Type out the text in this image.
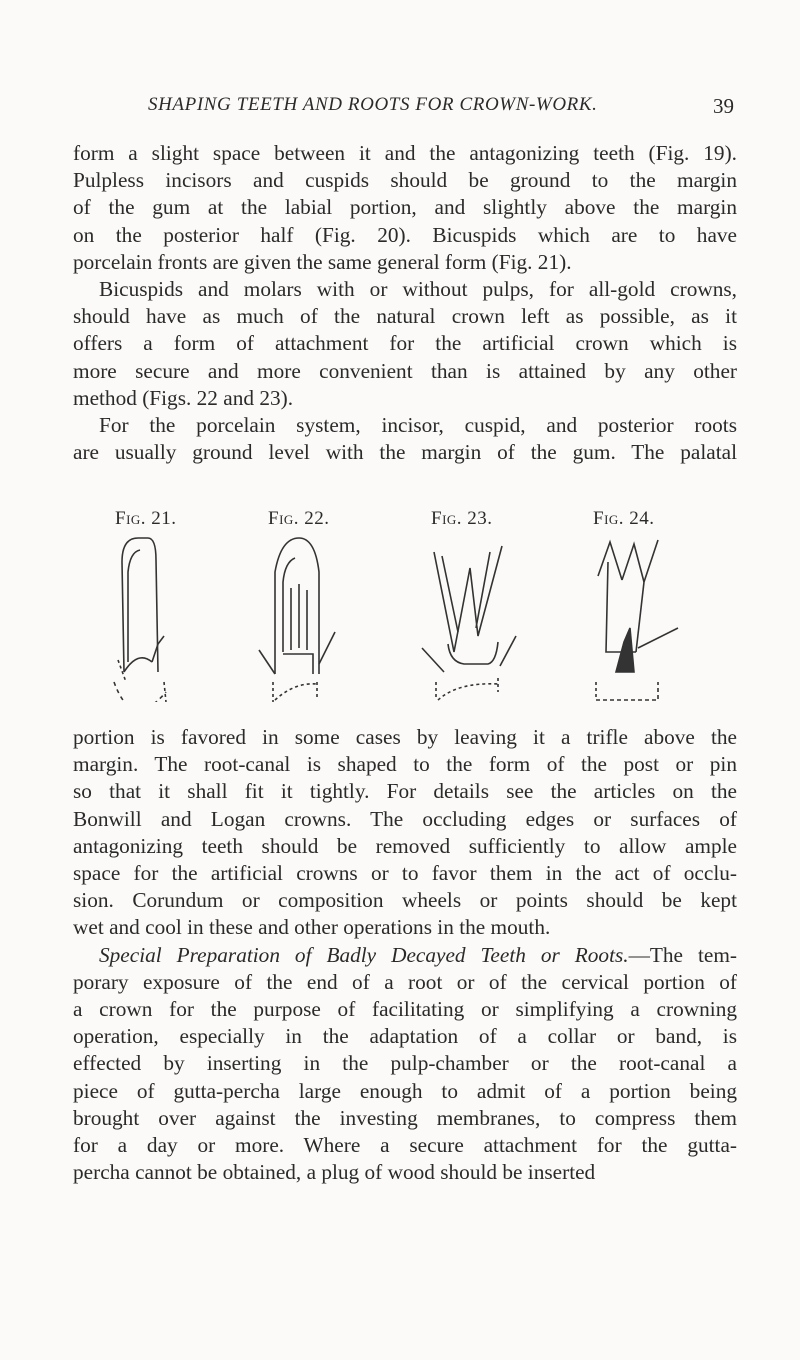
SHAPING TEETH AND ROOTS FOR CROWN-WORK.	39
form a slight space between it and the antagonizing teeth (Fig. 19).
Pulpless incisors and cuspids should be ground to the margin
of the gum at the labial portion, and slightly above the margin
on the posterior half (Fig. 20). Bicuspids which are to have
porcelain fronts are given the same general form (Fig. 21).
Bicuspids and molars with or without pulps, for all-gold crowns,
should have as much of the natural crown left as possible, as it
offers a form of attachment for the artificial crown which is
more secure and more convenient than is attained by any other
method (Figs. 22 and 23).
For the porcelain system, incisor, cuspid, and posterior roots
are usually ground level with the margin of the gum. The palatal
Fig. 21.	Fig. 22.	Fig. 23.	Fig. 24.
portion is favored in some cases by leaving it a trifle above the
margin. The root-canal is shaped to the form of the post or pin
so that it shall fit it tightly. For details see the articles on the
Bonwill and Logan crowns. The occluding edges or surfaces of
antagonizing teeth should be removed sufficiently to allow ample
space for the artificial crowns or to favor them in the act of occlu-
sion. Corundum or composition wheels or points should be kept
wet and cool in these and other operations in the mouth.
Special Preparation of Badly Decayed Teeth or Roots.—The tem-
porary exposure of the end of a root or of the cervical portion of
a crown for the purpose of facilitating or simplifying a crowning
operation, especially in the adaptation of a collar or band, is
effected by inserting in the pulp-chamber or the root-canal a
piece of gutta-percha large enough to admit of a portion being
brought over against the investing membranes, to compress them
for a day or more. Where a secure attachment for the gutta-
percha cannot be obtained, a plug of wood should be inserted
